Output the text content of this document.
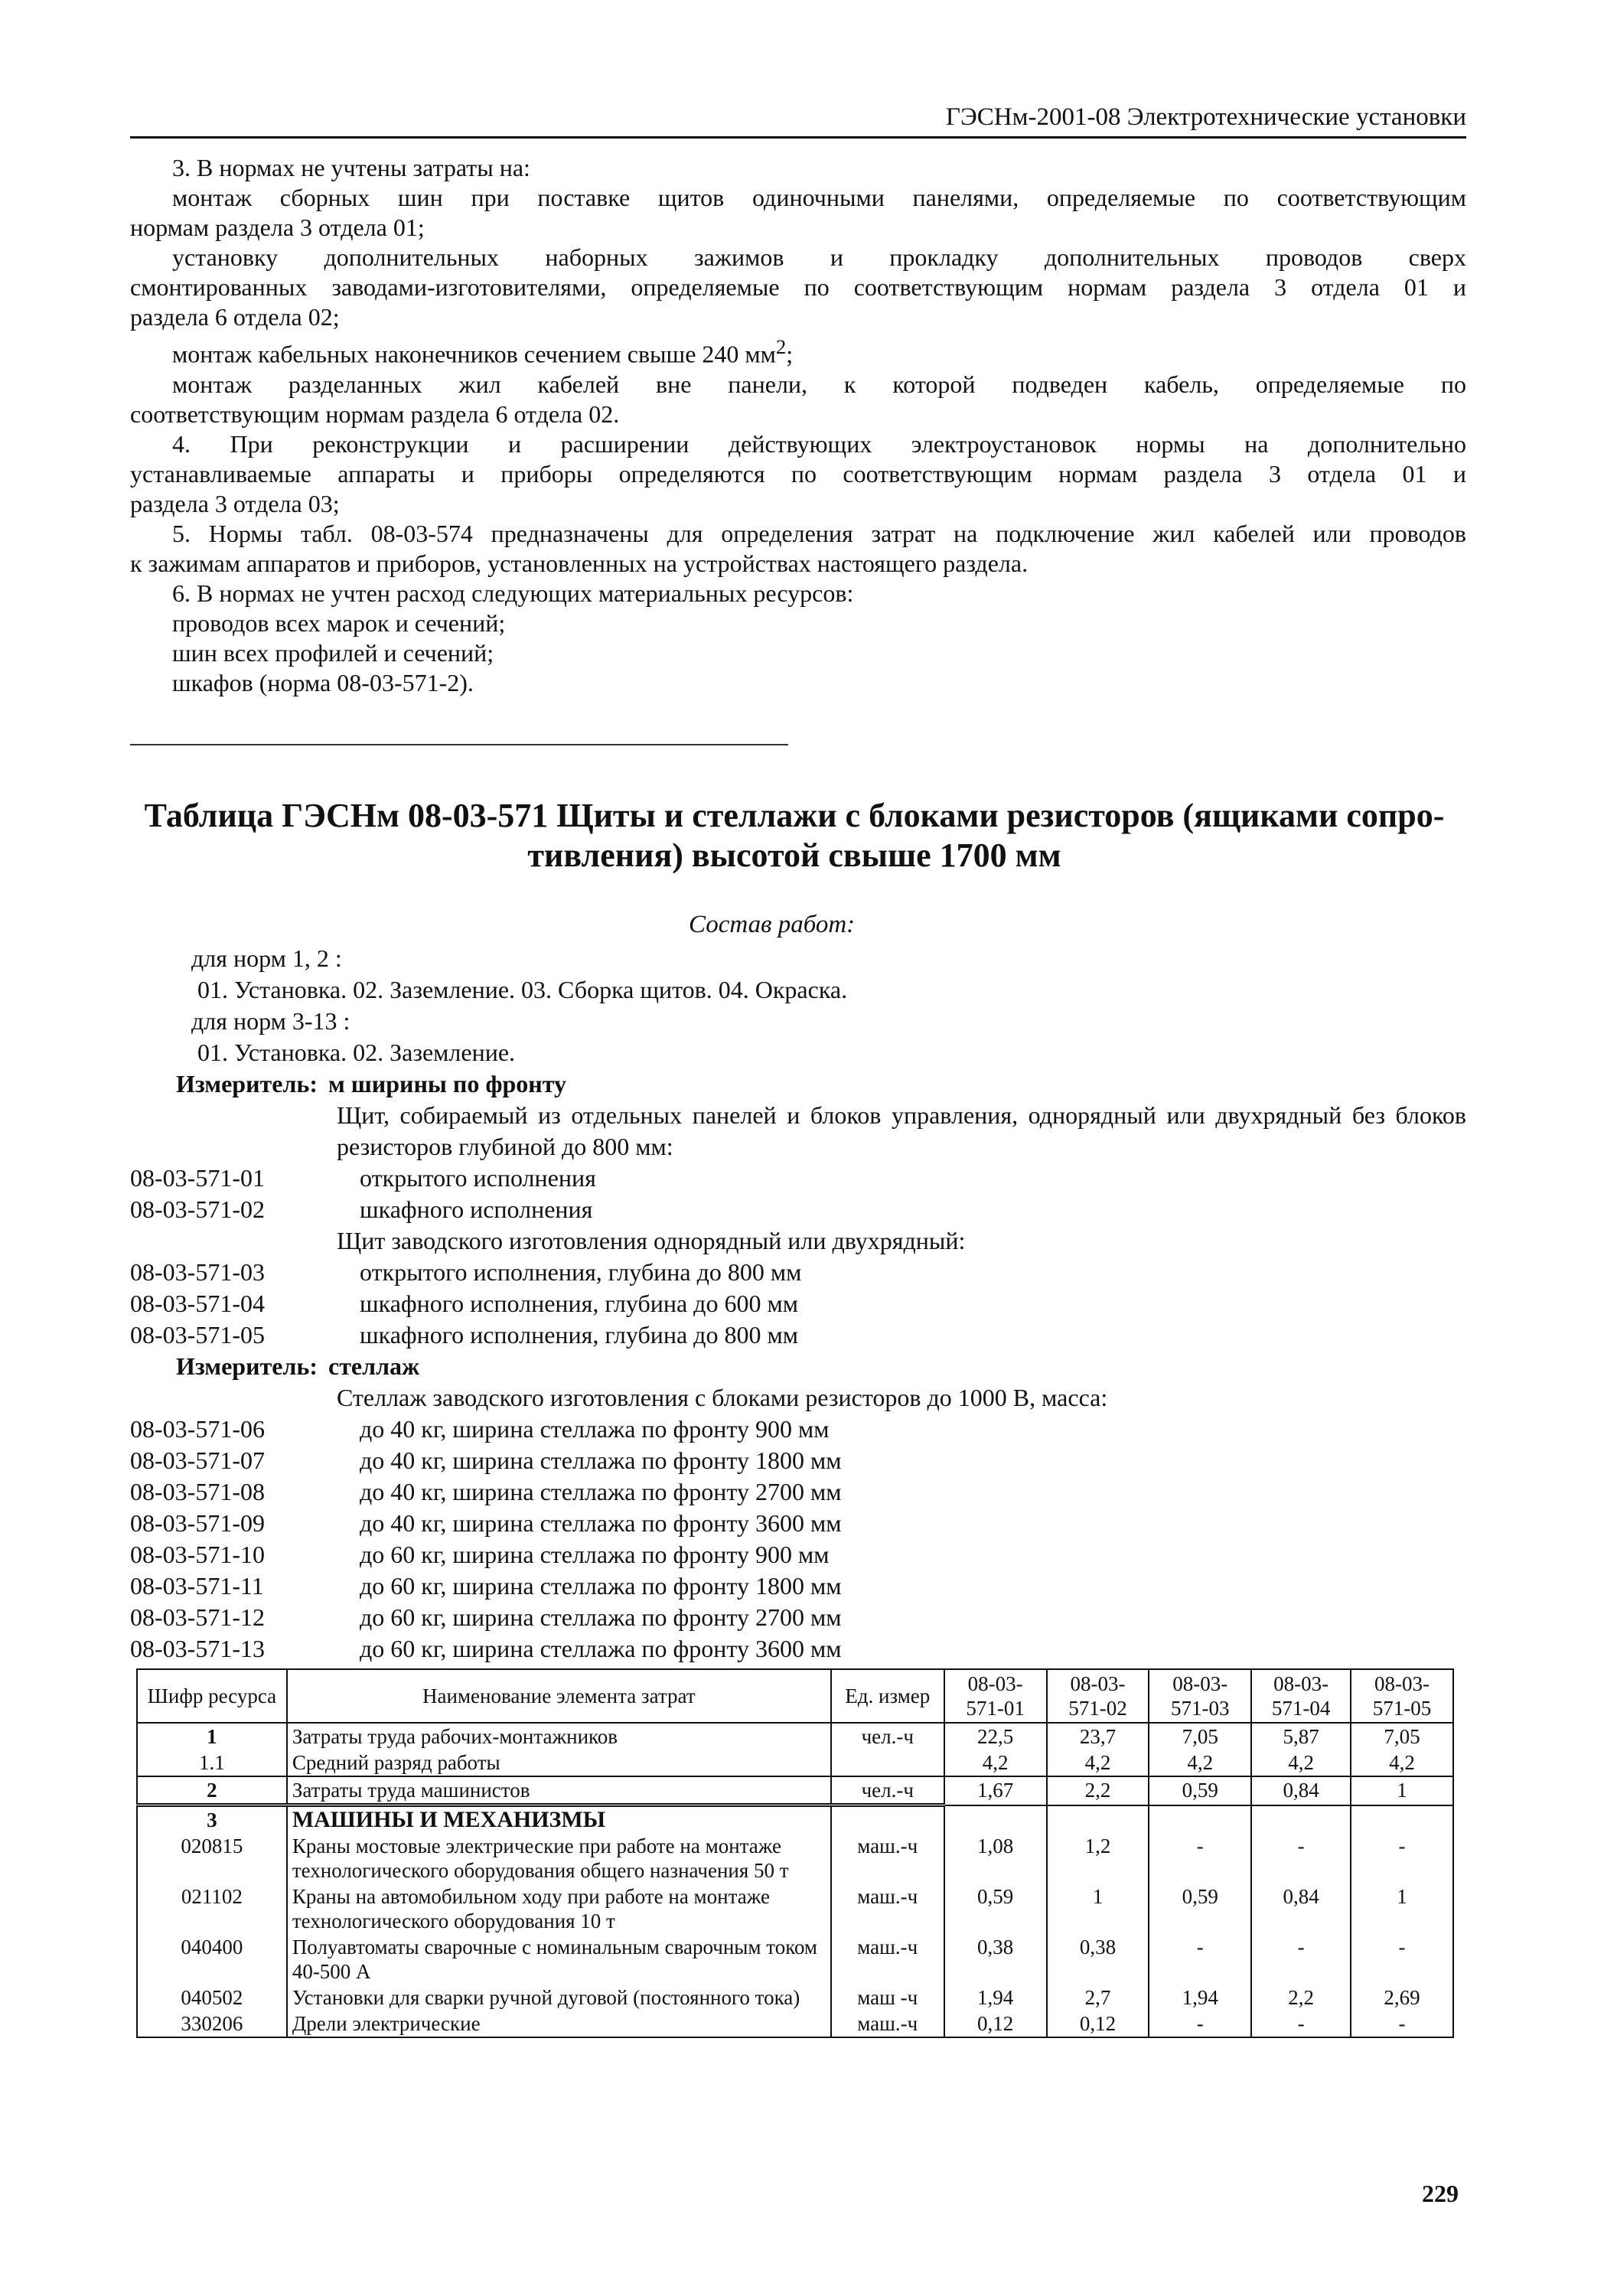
ГЭСНм-2001-08 Электротехнические установки

3. В нормах не учтены затраты на:

монтаж сборных шин при поставке щитов одиночными панелями, определяемые по соответствующим

нормам раздела 3 отдела 01;

установку дополнительных наборных зажимов и прокладку дополнительных проводов сверх

смонтированных заводами-изготовителями, определяемые по соответствующим нормам раздела 3 отдела 01 и

раздела 6 отдела 02;

монтаж кабельных наконечников сечением свыше 240 $мм^2$;

монтаж разделанных жил кабелей вне панели, к которой подведен кабель, определяемые по

соответствующим нормам раздела 6 отдела 02.

4. При реконструкции и расширении действующих электроустановок нормы на дополнительно

устанавливаемые аппараты и приборы определяются по соответствующим нормам раздела 3 отдела 01 и

раздела 3 отдела 03;

5. Нормы табл. 08-03-574 предназначены для определения затрат на подключение жил кабелей или проводов

к зажимам аппаратов и приборов, установленных на устройствах настоящего раздела.

6. В нормах не учтен расход следующих материальных ресурсов:

проводов всех марок и сечений;

шин всех профилей и сечений;

шкафов (норма 08-03-571-2).

Таблица ГЭСНм 08-03-571 Щиты и стеллажи с блоками резисторов (ящиками сопро-
тивления) высотой свыше 1700 мм
Состав работ:
для норм 1, 2 :
01. Установка. 02. Заземление. 03. Сборка щитов. 04. Окраска.
для норм 3-13 :
01. Установка. 02. Заземление.
Измеритель: м ширины по фронту
Щит, собираемый из отдельных панелей и блоков управления, однорядный или двухрядный без блоков резисторов глубиной до 800 мм:
08-03-571-01	открытого исполнения
08-03-571-02	шкафного исполнения
Щит заводского изготовления однорядный или двухрядный:
08-03-571-03	открытого исполнения, глубина до 800 мм
08-03-571-04	шкафного исполнения, глубина до 600 мм
08-03-571-05	шкафного исполнения, глубина до 800 мм
Измеритель: стеллаж
Стеллаж заводского изготовления с блоками резисторов до 1000 В, масса:
08-03-571-06	до 40 кг, ширина стеллажа по фронту 900 мм
08-03-571-07	до 40 кг, ширина стеллажа по фронту 1800 мм
08-03-571-08	до 40 кг, ширина стеллажа по фронту 2700 мм
08-03-571-09	до 40 кг, ширина стеллажа по фронту 3600 мм
08-03-571-10	до 60 кг, ширина стеллажа по фронту 900 мм
08-03-571-11	до 60 кг, ширина стеллажа по фронту 1800 мм
08-03-571-12	до 60 кг, ширина стеллажа по фронту 2700 мм
08-03-571-13	до 60 кг, ширина стеллажа по фронту 3600 мм
Шифр ресурса	Наименование элемента затрат	Ед. измер	08-03-571-01	08-03-571-02	08-03-571-03	08-03-571-04	08-03-571-05
1	Затраты труда рабочих-монтажников	чел.-ч	22,5	23,7	7,05	5,87	7,05
1.1	Средний разряд работы		4,2	4,2	4,2	4,2	4,2
2	Затраты труда машинистов	чел.-ч	1,67	2,2	0,59	0,84	1
3	МАШИНЫ И МЕХАНИЗМЫ						
020815	Краны мостовые электрические при работе на монтаже технологического оборудования общего назначения 50 т	маш.-ч	1,08	1,2	-	-	-
021102	Краны на автомобильном ходу при работе на монтаже технологического оборудования 10 т	маш.-ч	0,59	1	0,59	0,84	1
040400	Полуавтоматы сварочные с номинальным сварочным током 40-500 А	маш.-ч	0,38	0,38	-	-	-
040502	Установки для сварки ручной дуговой (постоянного тока)	маш -ч	1,94	2,7	1,94	2,2	2,69
330206	Дрели электрические	маш.-ч	0,12	0,12	-	-	-
229
